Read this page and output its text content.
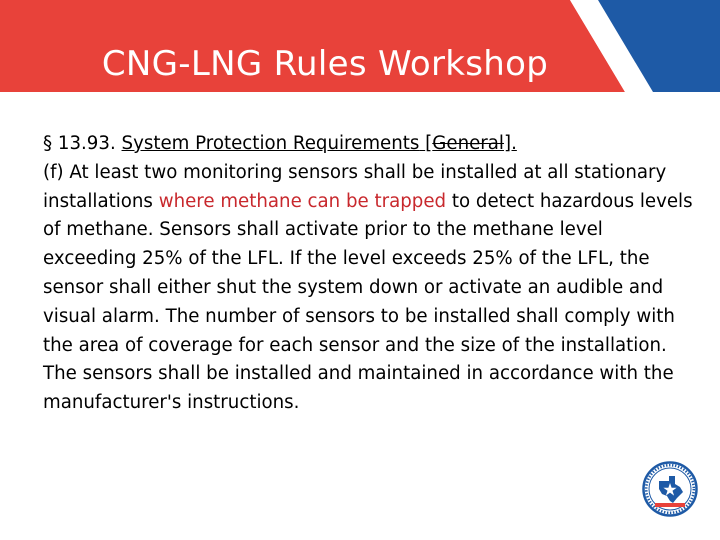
CNG-LNG Rules Workshop

§ 13.93. System Protection Requirements [General].

(f) At least two monitoring sensors shall be installed at all stationary installations where methane can be trapped to detect hazardous levels of methane. Sensors shall activate prior to the methane level exceeding 25% of the LFL. If the level exceeds 25% of the LFL, the sensor shall either shut the system down or activate an audible and visual alarm. The number of sensors to be installed shall comply with the area of coverage for each sensor and the size of the installation. The sensors shall be installed and maintained in accordance with the manufacturer's instructions.
